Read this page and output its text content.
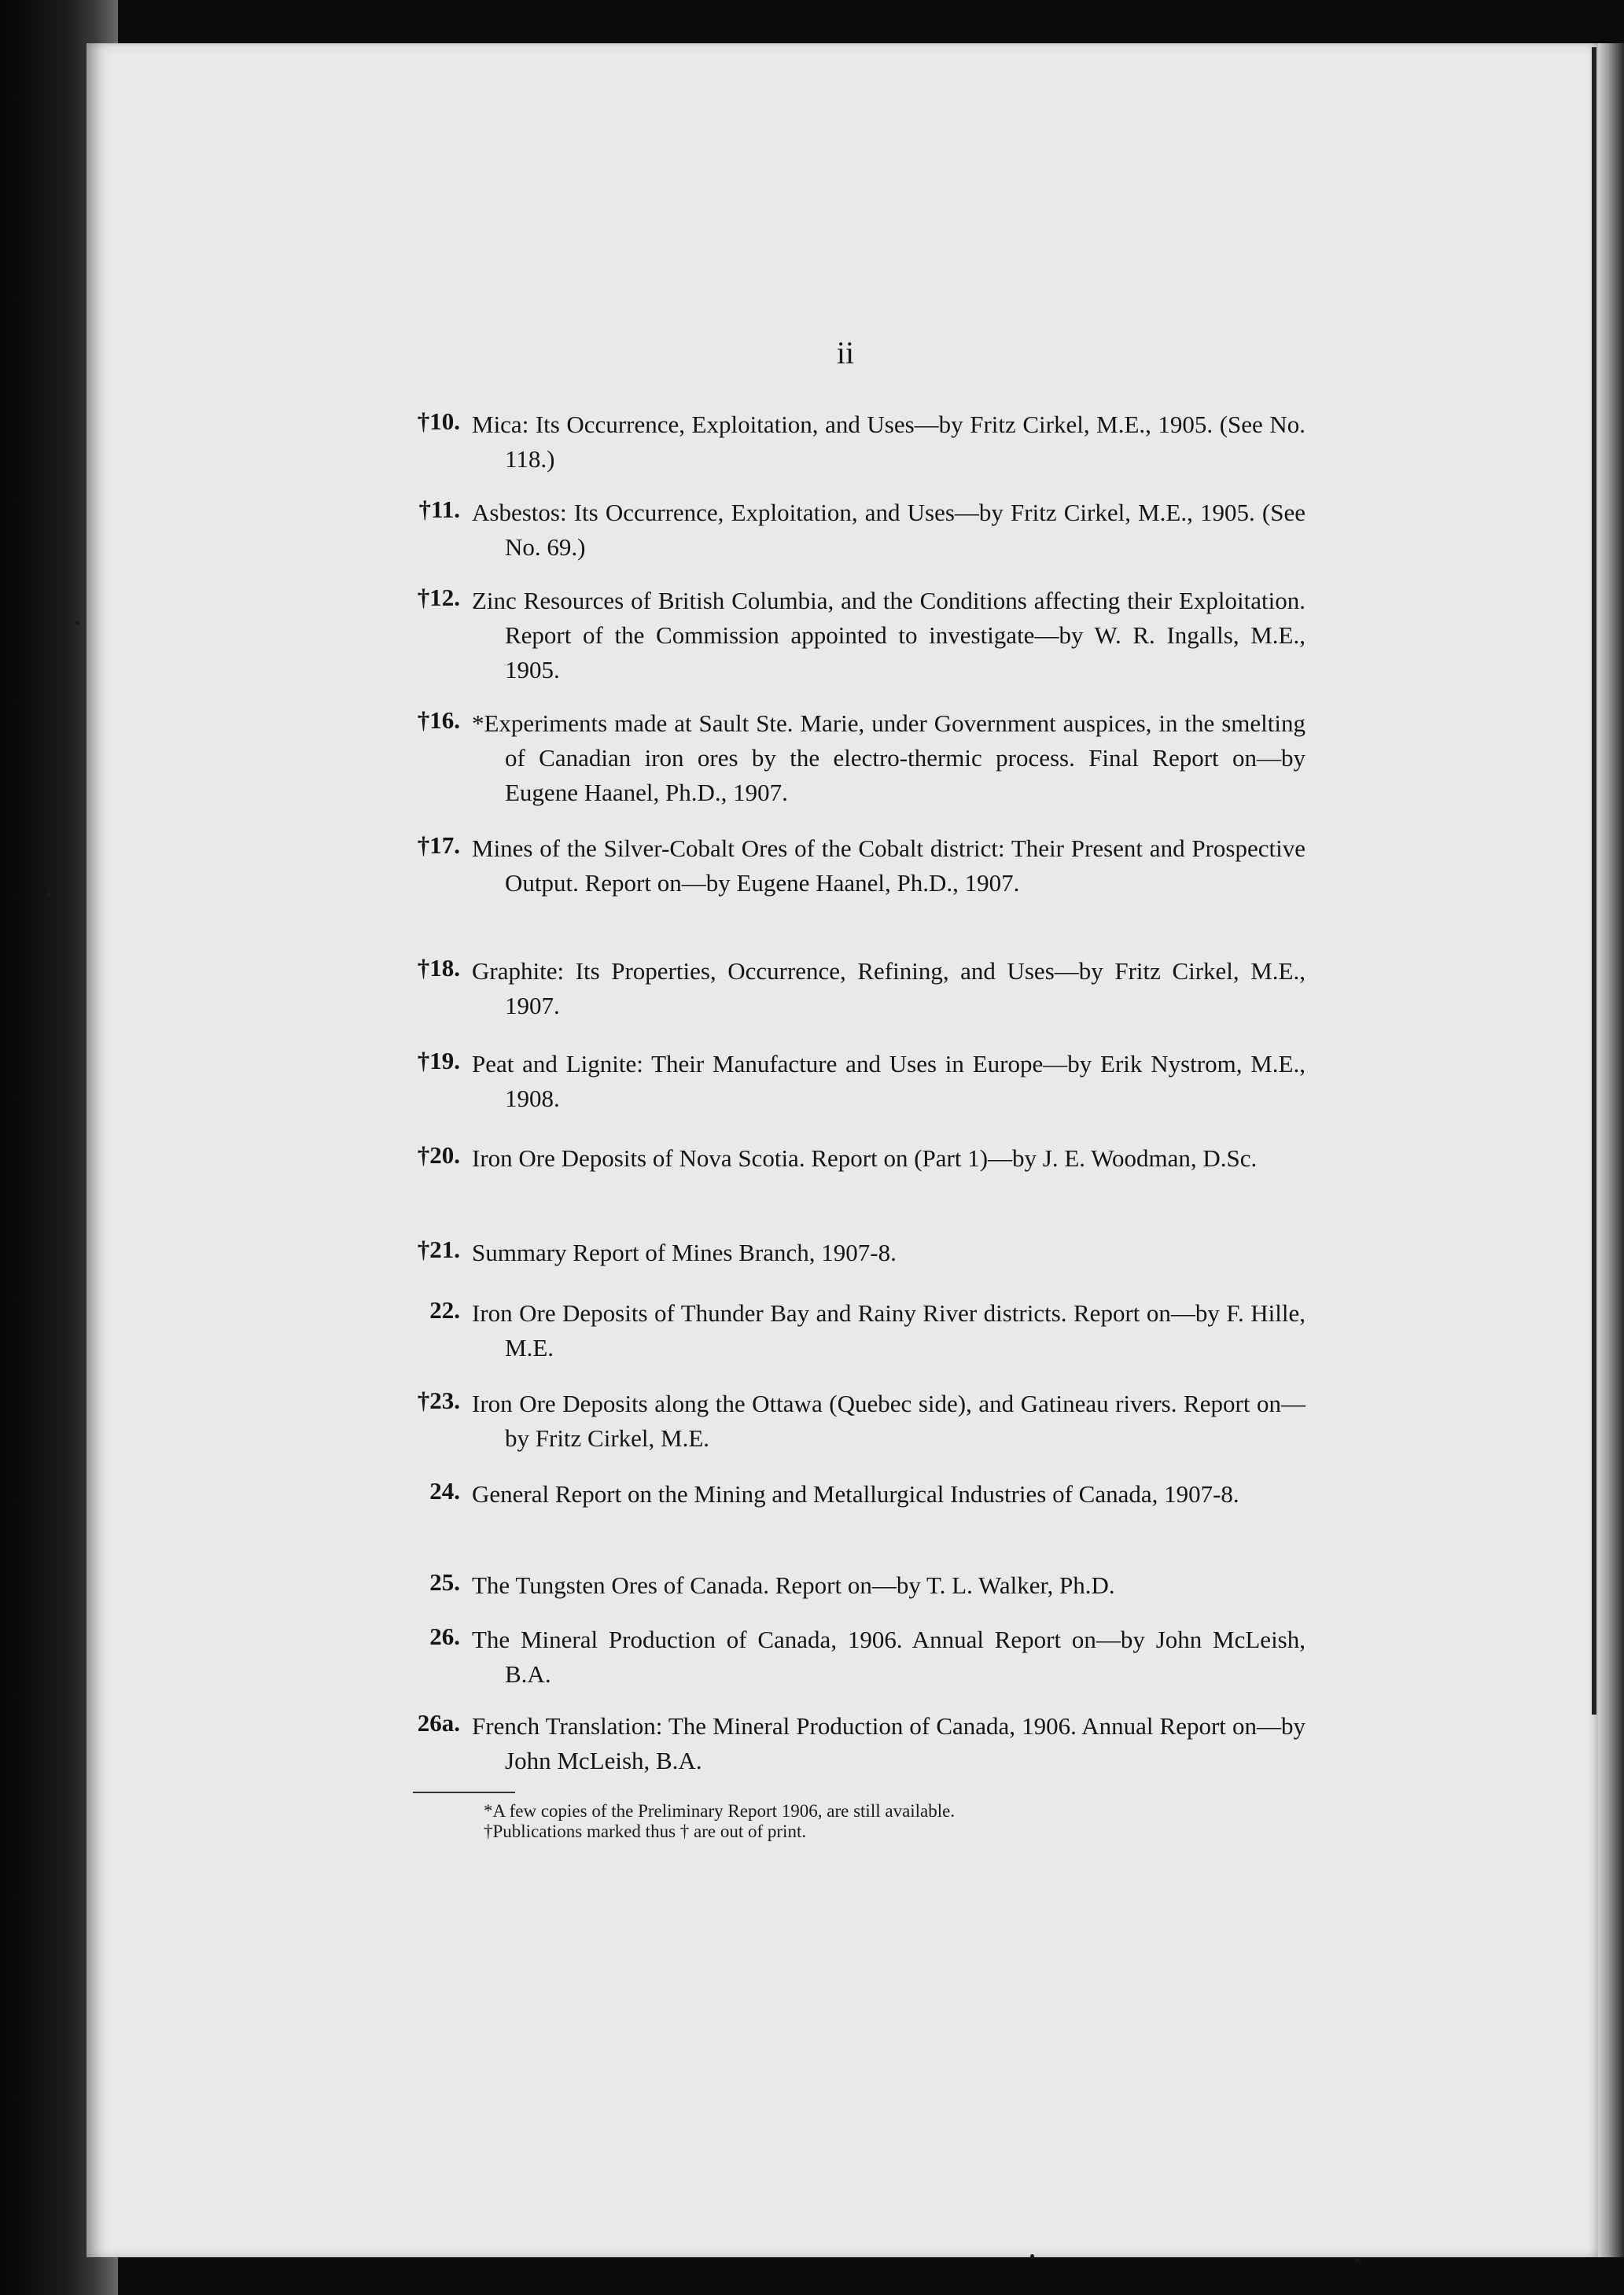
ii
†10. Mica: Its Occurrence, Exploitation, and Uses—by Fritz Cirkel, M.E., 1905. (See No. 118.)
†11. Asbestos: Its Occurrence, Exploitation, and Uses—by Fritz Cirkel, M.E., 1905. (See No. 69.)
†12. Zinc Resources of British Columbia, and the Conditions affecting their Exploitation. Report of the Commission appointed to investigate—by W. R. Ingalls, M.E., 1905.
†16. *Experiments made at Sault Ste. Marie, under Government auspices, in the smelting of Canadian iron ores by the electro-thermic process. Final Report on—by Eugene Haanel, Ph.D., 1907.
†17. Mines of the Silver-Cobalt Ores of the Cobalt district: Their Present and Prospective Output. Report on—by Eugene Haanel, Ph.D., 1907.
†18. Graphite: Its Properties, Occurrence, Refining, and Uses—by Fritz Cirkel, M.E., 1907.
†19. Peat and Lignite: Their Manufacture and Uses in Europe—by Erik Nystrom, M.E., 1908.
†20. Iron Ore Deposits of Nova Scotia. Report on (Part 1)—by J. E. Woodman, D.Sc.
†21. Summary Report of Mines Branch, 1907-8.
22. Iron Ore Deposits of Thunder Bay and Rainy River districts. Report on—by F. Hille, M.E.
†23. Iron Ore Deposits along the Ottawa (Quebec side), and Gatineau rivers. Report on—by Fritz Cirkel, M.E.
24. General Report on the Mining and Metallurgical Industries of Canada, 1907-8.
25. The Tungsten Ores of Canada. Report on—by T. L. Walker, Ph.D.
26. The Mineral Production of Canada, 1906. Annual Report on—by John McLeish, B.A.
26a. French Translation: The Mineral Production of Canada, 1906. Annual Report on—by John McLeish, B.A.
*A few copies of the Preliminary Report 1906, are still available.
†Publications marked thus † are out of print.
